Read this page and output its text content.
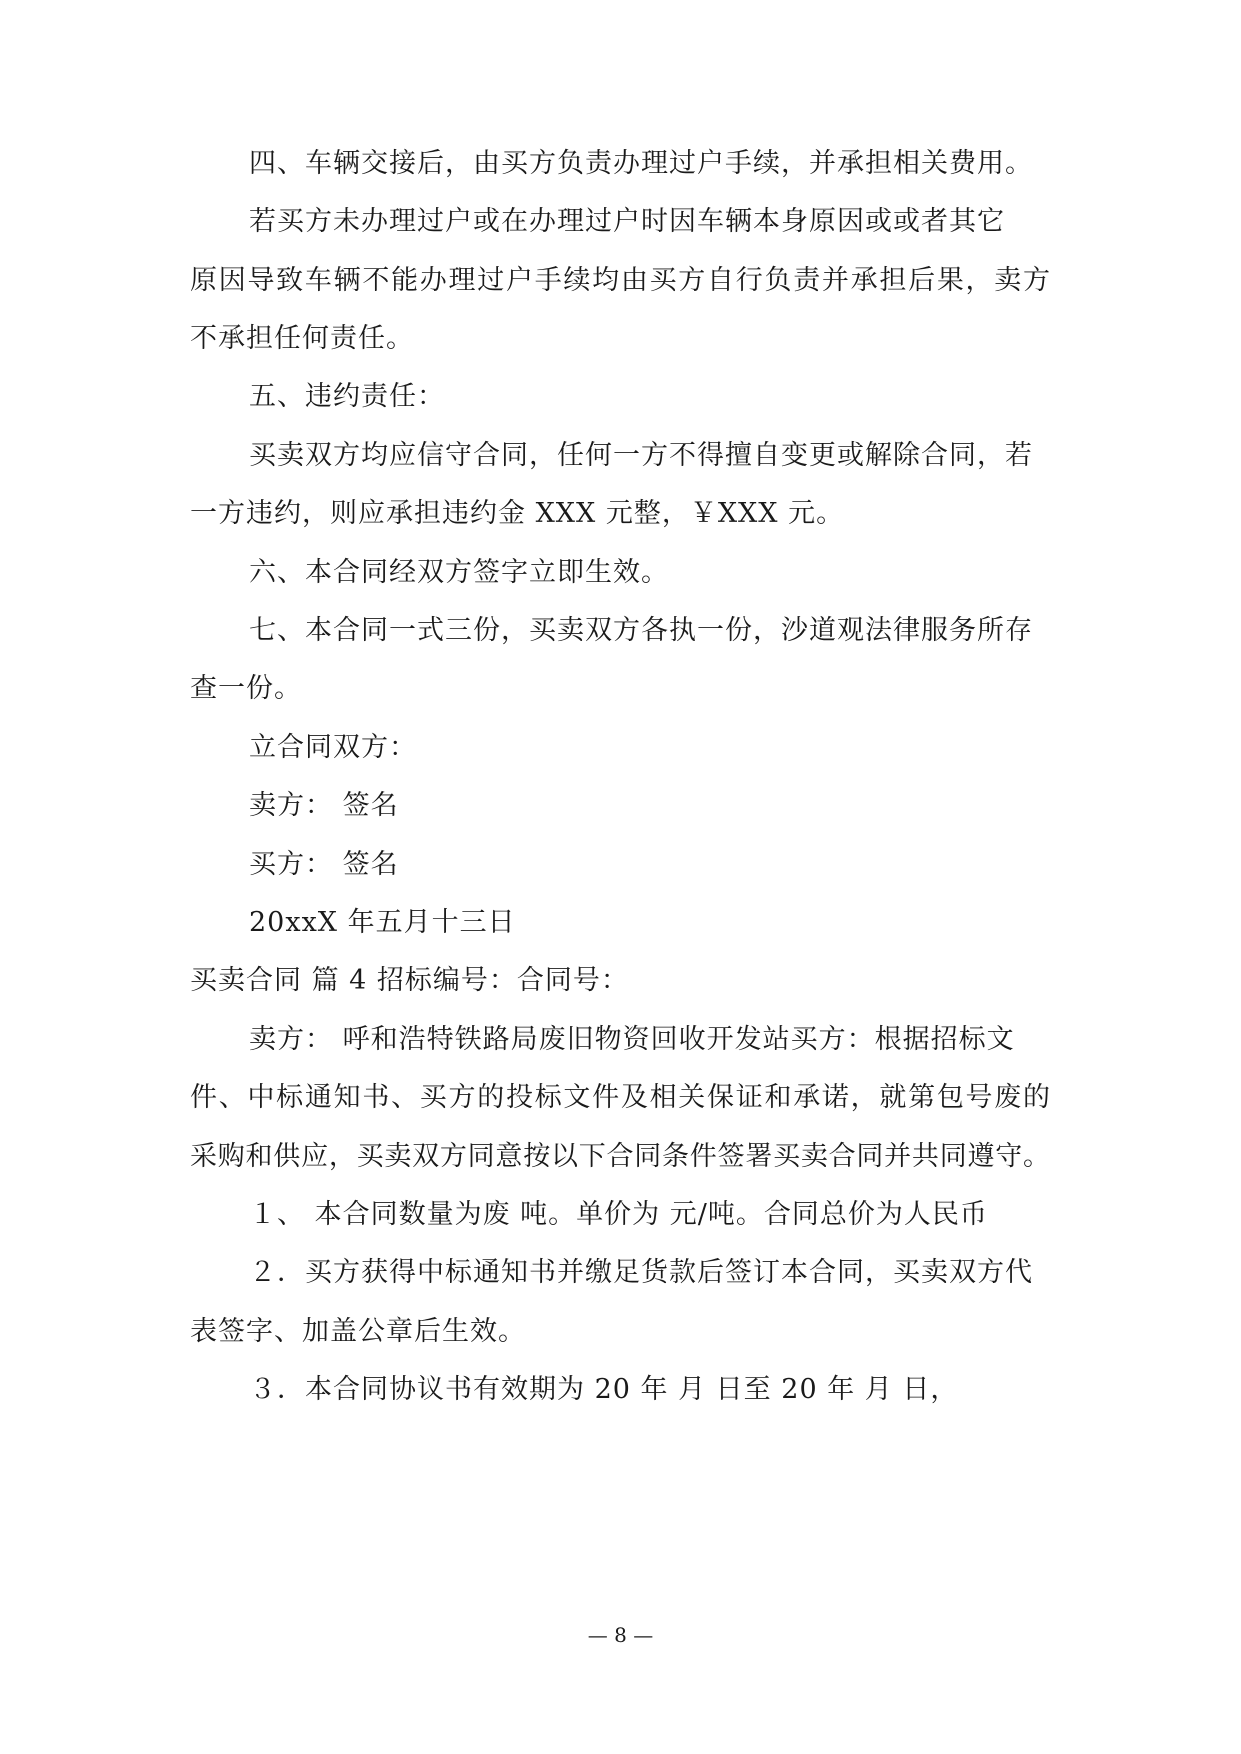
四、车辆交接后，由买方负责办理过户手续，并承担相关费用。
若买方未办理过户或在办理过户时因车辆本身原因或或者其它
原因导致车辆不能办理过户手续均由买方自行负责并承担后果，卖方
不承担任何责任。
五、违约责任：
买卖双方均应信守合同，任何一方不得擅自变更或解除合同，若
一方违约，则应承担违约金 XXX 元整，￥XXX 元。
六、本合同经双方签字立即生效。
七、本合同一式三份，买卖双方各执一份，沙道观法律服务所存
查一份。
立合同双方：
卖方： 签名
买方： 签名
20xxX 年五月十三日
买卖合同 篇 4 招标编号：合同号：
卖方： 呼和浩特铁路局废旧物资回收开发站买方：根据招标文
件、中标通知书、买方的投标文件及相关保证和承诺，就第包号废的
采购和供应，买卖双方同意按以下合同条件签署买卖合同并共同遵守。
１、 本合同数量为废 吨。单价为 元/吨。合同总价为人民币
２．买方获得中标通知书并缴足货款后签订本合同，买卖双方代
表签字、加盖公章后生效。
３．本合同协议书有效期为 20 年 月 日至 20 年 月 日，
— 8 —
